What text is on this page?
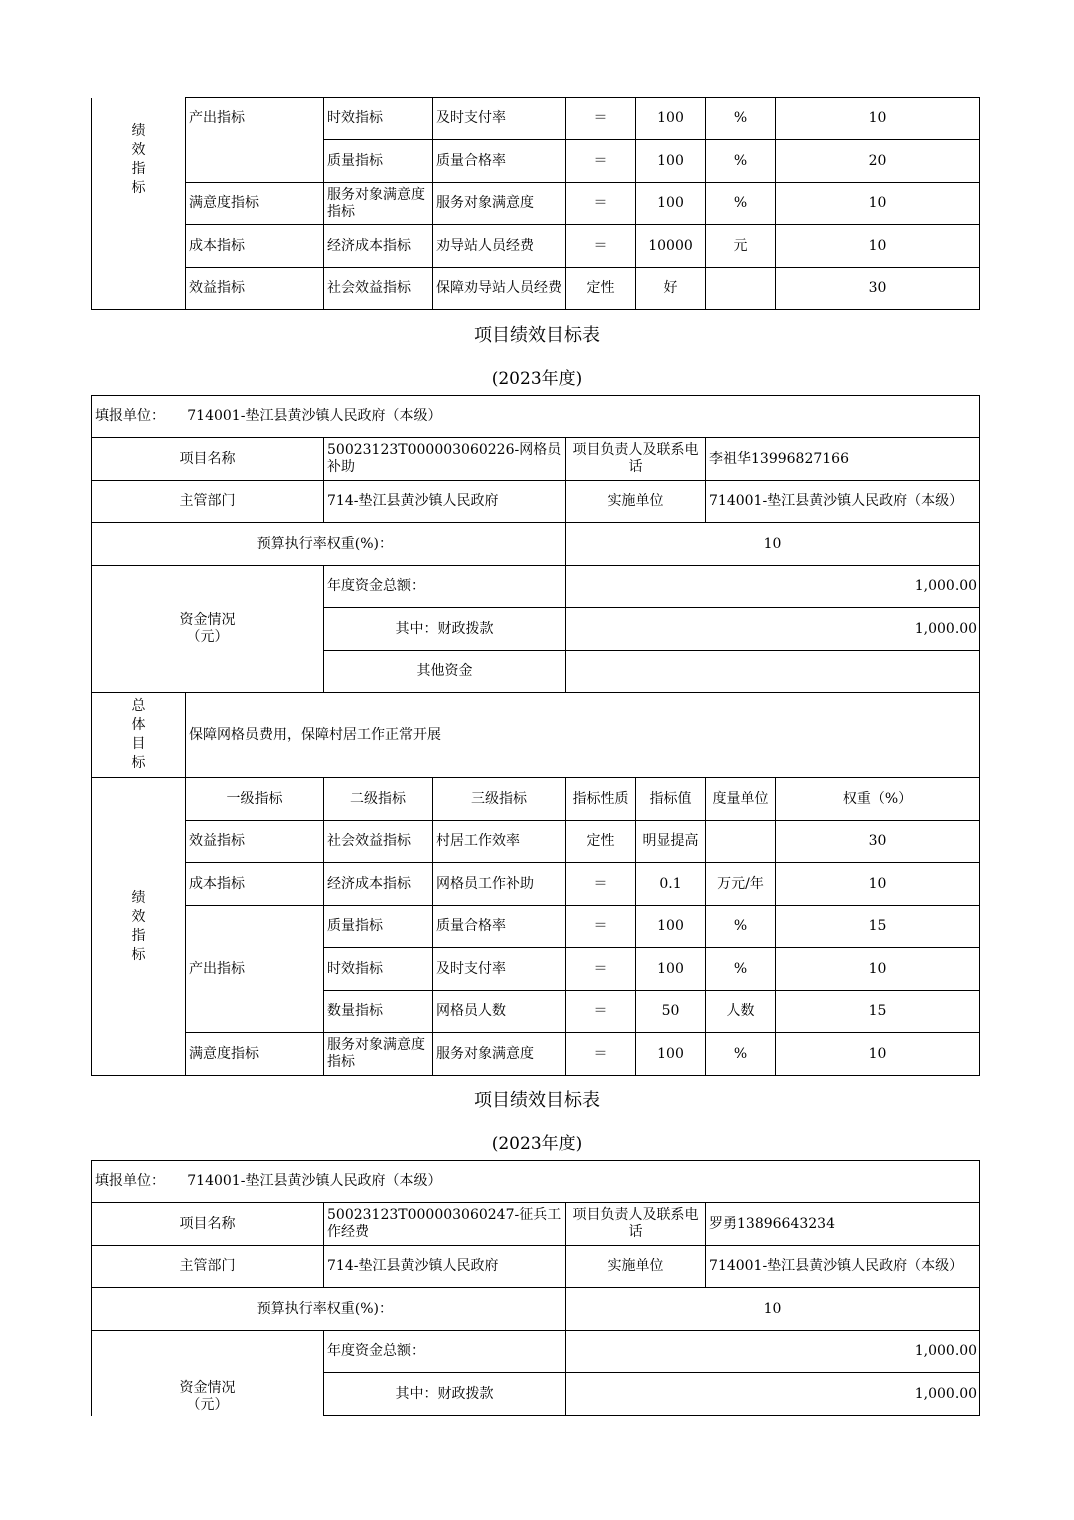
绩
效
指
标	产出指标	时效指标	及时支付率	＝	100	%	10
		质量指标	质量合格率	＝	100	%	20
	满意度指标	服务对象满意度指标	服务对象满意度	＝	100	%	10
	成本指标	经济成本指标	劝导站人员经费	＝	10000	元	10
	效益指标	社会效益指标	保障劝导站人员经费	定性	好		30
项目绩效目标表
(2023年度)
填报单位： 714001-垫江县黄沙镇人民政府（本级）							
项目名称		50023123T000003060226-网格员补助		项目负责人及联系电话		李祖华13996827166	
主管部门		714-垫江县黄沙镇人民政府		实施单位		714001-垫江县黄沙镇人民政府（本级）	
预算执行率权重(%)：				10			

资金情况
（元）		年度资金总额：		1,000.00			
		其中：财政拨款		1,000.00			
		其他资金					

总
体
目
标	保障网格员费用，保障村居工作正常开展						

绩
效
指
标	一级指标	二级指标	三级指标	指标性质	指标值	度量单位	权重（%）
	效益指标	社会效益指标	村居工作效率	定性	明显提高		30
	成本指标	经济成本指标	网格员工作补助	＝	0.1	万元/年	10
	产出指标	质量指标	质量合格率	＝	100	%	15
		时效指标	及时支付率	＝	100	%	10
		数量指标	网格员人数	＝	50	人数	15
	满意度指标	服务对象满意度指标	服务对象满意度	＝	100	%	10
项目绩效目标表
(2023年度)
填报单位： 714001-垫江县黄沙镇人民政府（本级）			
项目名称	50023123T000003060247-征兵工作经费	项目负责人及联系电话	罗勇13896643234
主管部门	714-垫江县黄沙镇人民政府	实施单位	714001-垫江县黄沙镇人民政府（本级）
预算执行率权重(%)：		10	

资金情况
（元）	年度资金总额：	1,000.00	
	其中：财政拨款	1,000.00	
